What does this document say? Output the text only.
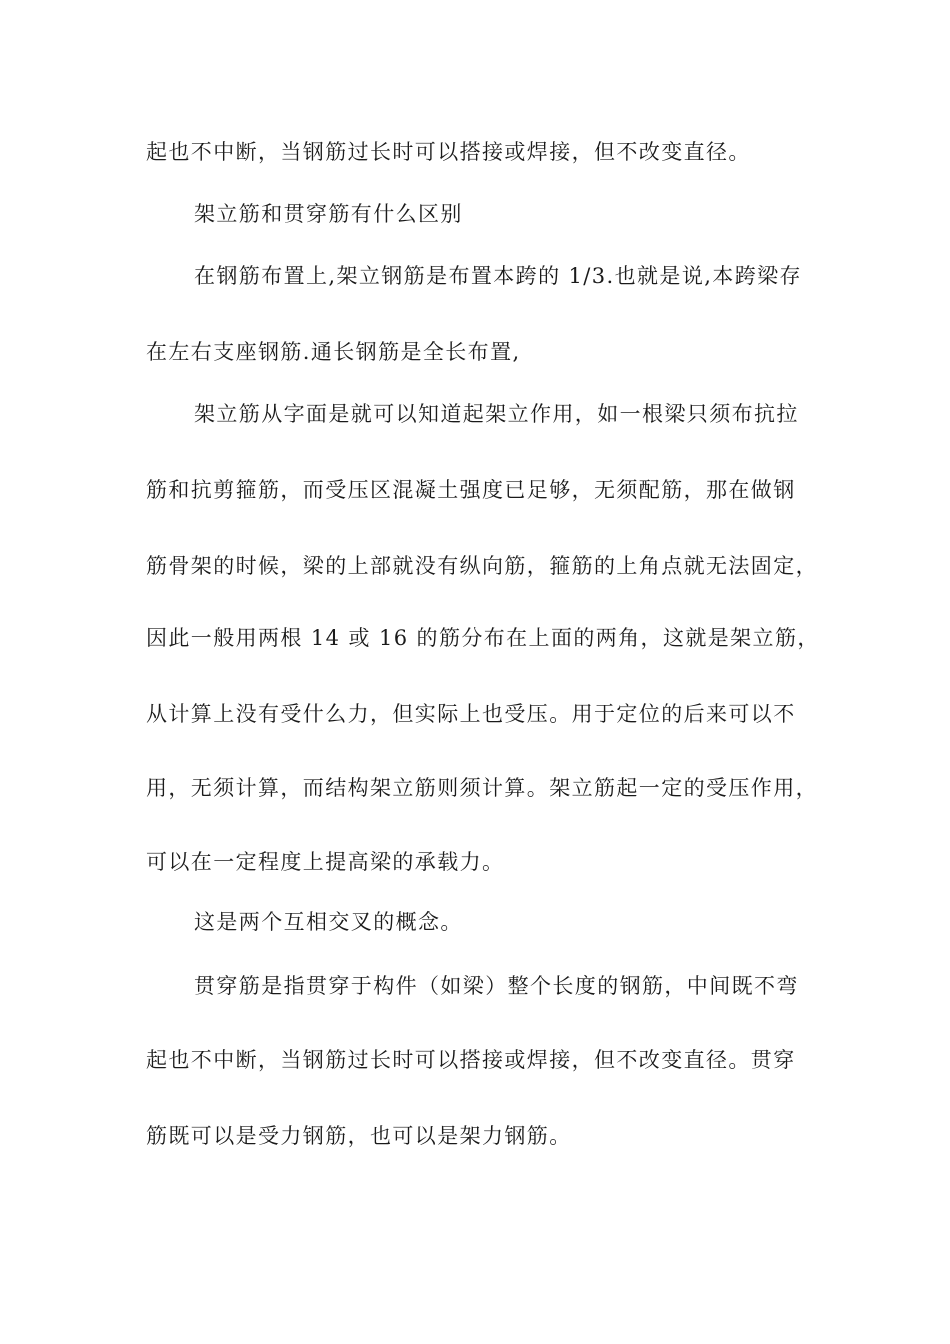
起也不中断，当钢筋过长时可以搭接或焊接，但不改变直径。

架立筋和贯穿筋有什么区别

在钢筋布置上,架立钢筋是布置本跨的 1/3.也就是说,本跨梁存

在左右支座钢筋.通长钢筋是全长布置,

架立筋从字面是就可以知道起架立作用，如一根梁只须布抗拉

筋和抗剪箍筋，而受压区混凝土强度已足够，无须配筋，那在做钢

筋骨架的时候，梁的上部就没有纵向筋，箍筋的上角点就无法固定，

因此一般用两根 14 或 16 的筋分布在上面的两角，这就是架立筋，

从计算上没有受什么力，但实际上也受压。用于定位的后来可以不

用，无须计算，而结构架立筋则须计算。架立筋起一定的受压作用，

可以在一定程度上提高梁的承载力。

这是两个互相交叉的概念。

贯穿筋是指贯穿于构件（如梁）整个长度的钢筋，中间既不弯

起也不中断，当钢筋过长时可以搭接或焊接，但不改变直径。贯穿

筋既可以是受力钢筋，也可以是架力钢筋。
